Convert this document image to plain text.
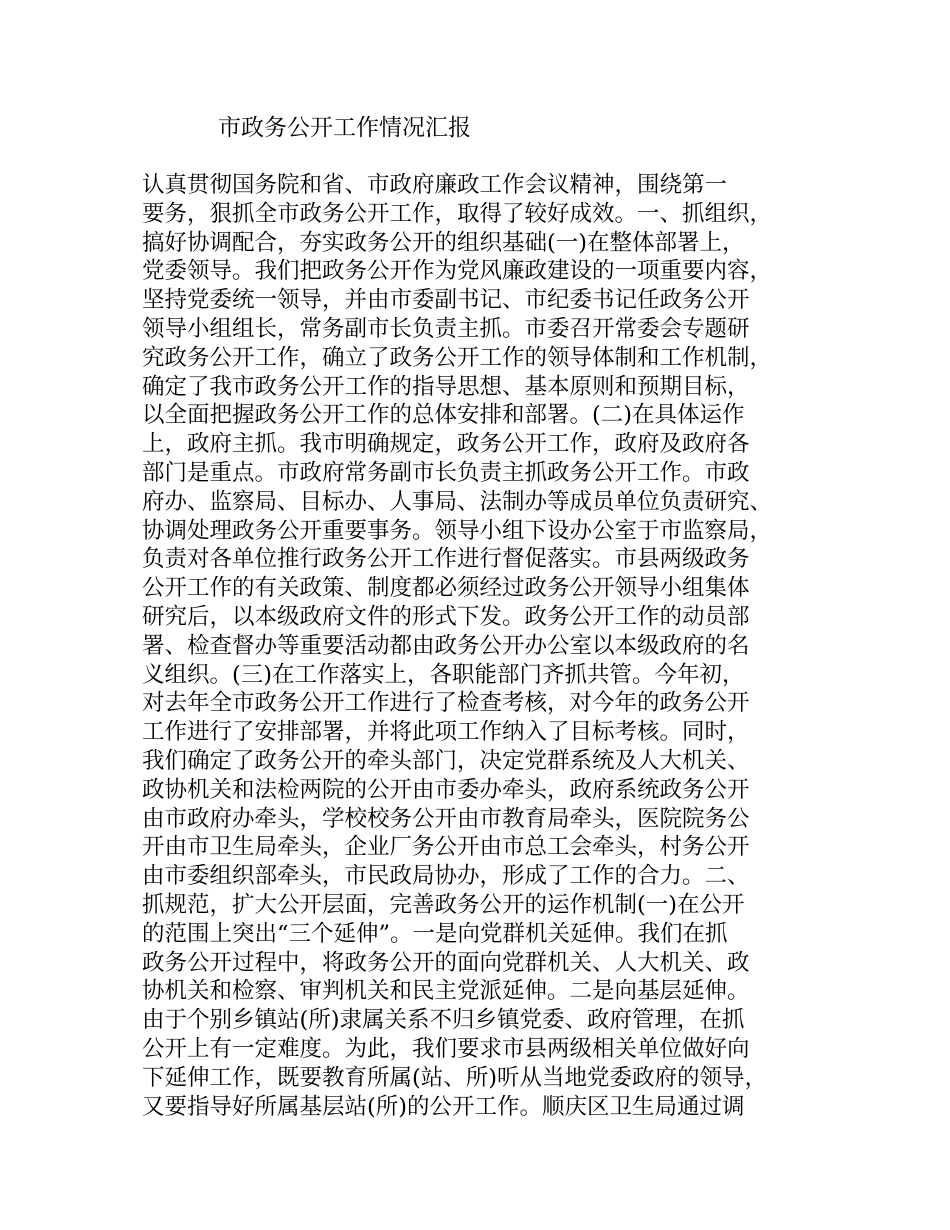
市政务公开工作情况汇报
认真贯彻国务院和省、市政府廉政工作会议精神，围绕第一
要务，狠抓全市政务公开工作，取得了较好成效。一、抓组织，
搞好协调配合，夯实政务公开的组织基础(一)在整体部署上，
党委领导。我们把政务公开作为党风廉政建设的一项重要内容，
坚持党委统一领导，并由市委副书记、市纪委书记任政务公开
领导小组组长，常务副市长负责主抓。市委召开常委会专题研
究政务公开工作，确立了政务公开工作的领导体制和工作机制，
确定了我市政务公开工作的指导思想、基本原则和预期目标，
以全面把握政务公开工作的总体安排和部署。(二)在具体运作
上，政府主抓。我市明确规定，政务公开工作，政府及政府各
部门是重点。市政府常务副市长负责主抓政务公开工作。市政
府办、监察局、目标办、人事局、法制办等成员单位负责研究、
协调处理政务公开重要事务。领导小组下设办公室于市监察局，
负责对各单位推行政务公开工作进行督促落实。市县两级政务
公开工作的有关政策、制度都必须经过政务公开领导小组集体
研究后，以本级政府文件的形式下发。政务公开工作的动员部
署、检查督办等重要活动都由政务公开办公室以本级政府的名
义组织。(三)在工作落实上，各职能部门齐抓共管。今年初，
对去年全市政务公开工作进行了检查考核，对今年的政务公开
工作进行了安排部署，并将此项工作纳入了目标考核。同时，
我们确定了政务公开的牵头部门，决定党群系统及人大机关、
政协机关和法检两院的公开由市委办牵头，政府系统政务公开
由市政府办牵头，学校校务公开由市教育局牵头，医院院务公
开由市卫生局牵头，企业厂务公开由市总工会牵头，村务公开
由市委组织部牵头，市民政局协办，形成了工作的合力。二、
抓规范，扩大公开层面，完善政务公开的运作机制(一)在公开
的范围上突出“三个延伸”。一是向党群机关延伸。我们在抓
政务公开过程中，将政务公开的面向党群机关、人大机关、政
协机关和检察、审判机关和民主党派延伸。二是向基层延伸。
由于个别乡镇站(所)隶属关系不归乡镇党委、政府管理，在抓
公开上有一定难度。为此，我们要求市县两级相关单位做好向
下延伸工作，既要教育所属(站、所)听从当地党委政府的领导，
又要指导好所属基层站(所)的公开工作。顺庆区卫生局通过调
